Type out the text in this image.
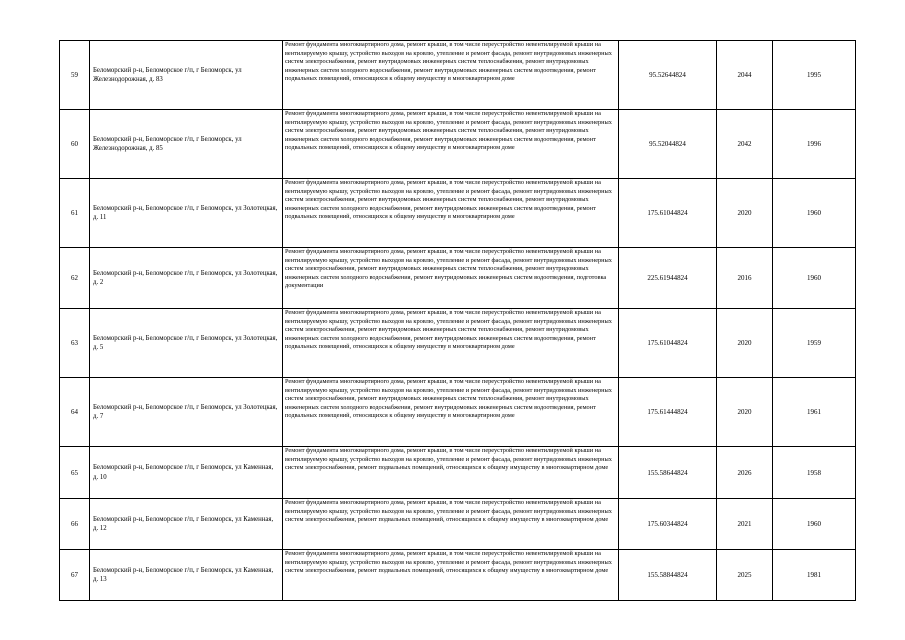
59	Беломорский р-н, Беломорское г/п, г Беломорск, ул Железнодорожная, д. 83	Ремонт фундамента многоквартирного дома, ремонт крыши, в том числе переустройство невентилируемой крыши на вентилируемую крышу, устройство выходов на кровлю, утепление и ремонт фасада, ремонт внутридомовых инженерных систем электроснабжения, ремонт внутридомовых инженерных систем теплоснабжения, ремонт внутридомовых инженерных систем холодного водоснабжения, ремонт внутридомовых инженерных систем водоотведения, ремонт подвальных помещений, относящихся к общему имуществу в многоквартирном доме	95.52644824	2044	1995
60	Беломорский р-н, Беломорское г/п, г Беломорск, ул Железнодорожная, д. 85	Ремонт фундамента многоквартирного дома, ремонт крыши, в том числе переустройство невентилируемой крыши на вентилируемую крышу, устройство выходов на кровлю, утепление и ремонт фасада, ремонт внутридомовых инженерных систем электроснабжения, ремонт внутридомовых инженерных систем теплоснабжения, ремонт внутридомовых инженерных систем холодного водоснабжения, ремонт внутридомовых инженерных систем водоотведения, ремонт подвальных помещений, относящихся к общему имуществу в многоквартирном доме	95.52044824	2042	1996
61	Беломорский р-н, Беломорское г/п, г Беломорск, ул Золотецкая, д. 11	Ремонт фундамента многоквартирного дома, ремонт крыши, в том числе переустройство невентилируемой крыши на вентилируемую крышу, устройство выходов на кровлю, утепление и ремонт фасада, ремонт внутридомовых инженерных систем электроснабжения, ремонт внутридомовых инженерных систем теплоснабжения, ремонт внутридомовых инженерных систем холодного водоснабжения, ремонт внутридомовых инженерных систем водоотведения, ремонт подвальных помещений, относящихся к общему имуществу в многоквартирном доме	175.61044824	2020	1960
62	Беломорский р-н, Беломорское г/п, г Беломорск, ул Золотецкая, д. 2	Ремонт фундамента многоквартирного дома, ремонт крыши, в том числе переустройство невентилируемой крыши на вентилируемую крышу, устройство выходов на кровлю, утепление и ремонт фасада, ремонт внутридомовых инженерных систем электроснабжения, ремонт внутридомовых инженерных систем теплоснабжения, ремонт внутридомовых инженерных систем холодного водоснабжения, ремонт внутридомовых инженерных систем водоотведения, подготовка документации	225.61944824	2016	1960
63	Беломорский р-н, Беломорское г/п, г Беломорск, ул Золотецкая, д. 5	Ремонт фундамента многоквартирного дома, ремонт крыши, в том числе переустройство невентилируемой крыши на вентилируемую крышу, устройство выходов на кровлю, утепление и ремонт фасада, ремонт внутридомовых инженерных систем электроснабжения, ремонт внутридомовых инженерных систем теплоснабжения, ремонт внутридомовых инженерных систем холодного водоснабжения, ремонт внутридомовых инженерных систем водоотведения, ремонт подвальных помещений, относящихся к общему имуществу в многоквартирном доме	175.61044824	2020	1959
64	Беломорский р-н, Беломорское г/п, г Беломорск, ул Золотецкая, д. 7	Ремонт фундамента многоквартирного дома, ремонт крыши, в том числе переустройство невентилируемой крыши на вентилируемую крышу, устройство выходов на кровлю, утепление и ремонт фасада, ремонт внутридомовых инженерных систем электроснабжения, ремонт внутридомовых инженерных систем теплоснабжения, ремонт внутридомовых инженерных систем холодного водоснабжения, ремонт внутридомовых инженерных систем водоотведения, ремонт подвальных помещений, относящихся к общему имуществу в многоквартирном доме	175.61444824	2020	1961
65	Беломорский р-н, Беломорское г/п, г Беломорск, ул Каменная, д. 10	Ремонт фундамента многоквартирного дома, ремонт крыши, в том числе переустройство невентилируемой крыши на вентилируемую крышу, устройство выходов на кровлю, утепление и ремонт фасада, ремонт внутридомовых инженерных систем электроснабжения, ремонт подвальных помещений, относящихся к общему имуществу в многоквартирном доме	155.58644824	2026	1958
66	Беломорский р-н, Беломорское г/п, г Беломорск, ул Каменная, д. 12	Ремонт фундамента многоквартирного дома, ремонт крыши, в том числе переустройство невентилируемой крыши на вентилируемую крышу, устройство выходов на кровлю, утепление и ремонт фасада, ремонт внутридомовых инженерных систем электроснабжения, ремонт подвальных помещений, относящихся к общему имуществу в многоквартирном доме	175.60344824	2021	1960
67	Беломорский р-н, Беломорское г/п, г Беломорск, ул Каменная, д. 13	Ремонт фундамента многоквартирного дома, ремонт крыши, в том числе переустройство невентилируемой крыши на вентилируемую крышу, устройство выходов на кровлю, утепление и ремонт фасада, ремонт внутридомовых инженерных систем электроснабжения, ремонт подвальных помещений, относящихся к общему имуществу в многоквартирном доме	155.58844824	2025	1981
